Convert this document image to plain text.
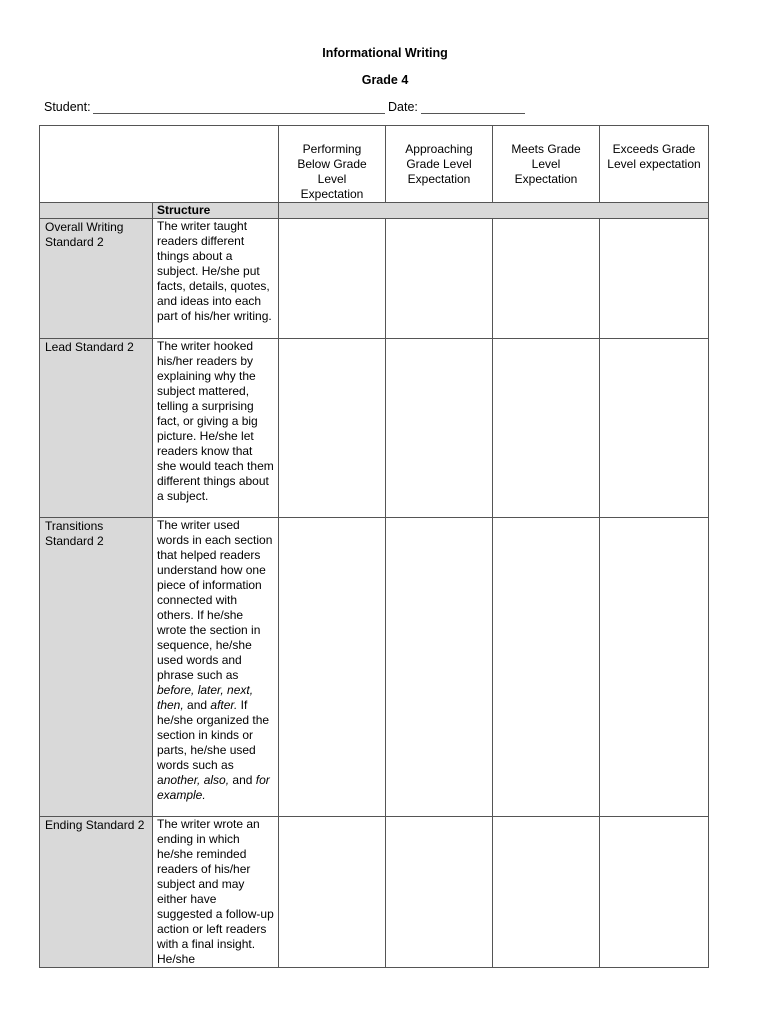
Informational Writing
Grade 4
Student:	Date:
		Performing Below Grade Level Expectation	Approaching Grade Level Expectation	Meets Grade Level Expectation	Exceeds Grade Level expectation
	Structure				
Overall Writing Standard 2	The writer taught readers different things about a subject. He/she put facts, details, quotes, and ideas into each part of his/her writing.				
Lead Standard 2	The writer hooked his/her readers by explaining why the subject mattered, telling a surprising fact, or giving a big picture. He/she let readers know that she would teach them different things about a subject.				
Transitions Standard 2	The writer used words in each section that helped readers understand how one piece of information connected with others. If he/she wrote the section in sequence, he/she used words and phrase such as before, later, next, then, and after. If he/she organized the section in kinds or parts, he/she used words such as another, also, and for example.				
Ending Standard 2	The writer wrote an ending in which he/she reminded readers of his/her subject and may either have suggested a follow-up action or left readers with a final insight. He/she				
